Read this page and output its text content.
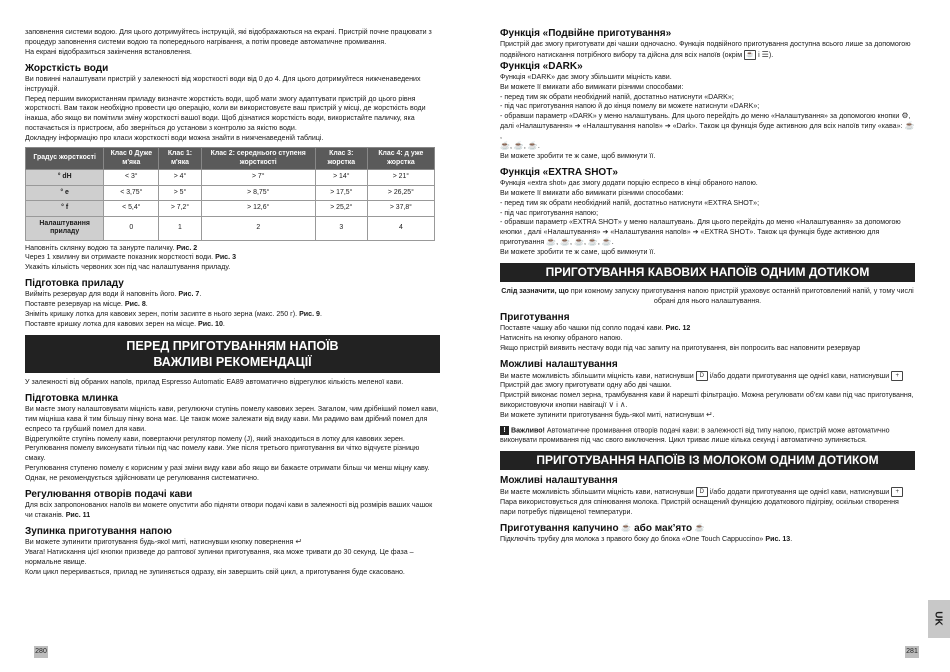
заповнення системи водою. Для цього дотримуйтесь інструкцій, які відображаються на екрані. Пристрій почне працювати з процедур заповнення системи водою та попереднього нагрівання, а потім проведе автоматичне промивання.

На екрані відобразиться закінчення встановлення.

Жорсткість води

Ви повинні налаштувати пристрій у залежності від жорсткості води від 0 до 4. Для цього дотримуйтеся нижченаведених інструкцій.

Перед першим використанням приладу визначте жорсткість води, щоб мати змогу адаптувати пристрій до цього рівня жорсткості. Вам також необхідно провести цю операцію, коли ви використовуєте ваш пристрій у місці, де жорсткість води інакша, або якщо ви помітили зміну жорсткості вашої води. Щоб дізнатися жорсткість води, використайте паличку, яка постачається із пристроєм, або зверніться до установи з контролю за якістю води.

Докладну інформацію про класи жорсткості води можна знайти в нижченаведеній таблиці.

Градус жорсткості	Клас 0 Дуже м'яка	Клас 1: м'яка	Клас 2: середнього ступеня жорсткості	Клас 3: жорстка	Клас 4: д уже жорстка
° dH	< 3°	> 4°	> 7°	> 14°	> 21°
° e	< 3,75°	> 5°	> 8,75°	> 17,5°	> 26,25°
° f	< 5,4°	> 7,2°	> 12,6°	> 25,2°	> 37,8°
Налаштування приладу	0	1	2	3	4

Наповніть склянку водою та занурте паличку. Рис. 2

Через 1 хвилину ви отримаєте показник жорсткості води. Рис. 3

Укажіть кількість червоних зон під час налаштування приладу.

Підготовка приладу

Вийміть резервуар для води й наповніть його. Рис. 7.

Поставте резервуар на місце. Рис. 8.

Зніміть кришку лотка для кавових зерен, потім засипте в нього зерна (макс. 250 г). Рис. 9.

Поставте кришку лотка для кавових зерен на місце. Рис. 10.

ПЕРЕД ПРИГОТУВАННЯМ НАПОЇВ
ВАЖЛИВІ РЕКОМЕНДАЦІЇ

У залежності від обраних напоїв, прилад Espresso Automatic EA89 автоматично відрегулює кількість меленої кави.

Підготовка млинка

Ви маєте змогу налаштовувати міцність кави, регулюючи ступінь помелу кавових зерен. Загалом, чим дрібніший помел кави, тим міцніша кава й тим більшу пінку вона має. Це також може залежати від виду кави. Ми радимо вам дрібний помел для еспресо та грубший помел для кави.

Відрегулюйте ступінь помелу кави, повертаючи регулятор помелу (J), який знаходиться в лотку для кавових зерен. Регулювання помелу виконувати тільки під час помелу кави. Уже після третього приготування ви чітко відчуєте різницю смаку.

Регулювання ступеню помелу є корисним у разі зміни виду кави або якщо ви бажаєте отримати більш чи менш міцну каву. Однак, не рекомендується здійснювати це регулювання систематично.

Регулювання отворів подачі кави

Для всіх запропонованих напоїв ви можете опустити або підняти отвори подачі кави в залежності від розмірів ваших чашок чи стаканів. Рис. 11

Зупинка приготування напою

Ви можете зупинити приготування будь-якої миті, натиснувши кнопку повернення ↵

Увага! Натискання цієї кнопки призведе до раптової зупинки приготування, яка може тривати до 30 секунд. Це фаза – нормальне явище.

Коли цикл переривається, прилад не зупиняється одразу, він завершить свій цикл, а приготування буде скасовано.

280
Функція «Подвійне приготування»

Пристрій дає змогу приготувати дві чашки одночасно. Функція подвійного приготування доступна всього лише за допомогою подвійного натискання потрібного вибору та дійсна для всіх напоїв (окрім ☕ і ☰).

Функція «DARK»

Функція «DARK» дає змогу збільшити міцність кави.

Ви можете її вмикати або вимикати різними способами:

- перед тим як обрати необхідний напій, достатньо натиснути «DARK»;

- під час приготування напою й до кінця помелу ви можете натиснути «DARK»;

- обравши параметр «DARK» у меню налаштувань. Для цього перейдіть до меню «Налаштування» за допомогою кнопки ⚙,

далі «Налаштування» ➔ «Налаштування напоїв» ➔ «Dark». Також ця функція буде активною для всіх напоїв типу «кава»: ☕,

☕, ☕, ☕.

Ви можете зробити те ж саме, щоб вимкнути її.

Функція «EXTRA SHOT»

Функція «extra shot» дає змогу додати порцію еспресо в кінці обраного напою.

Ви можете її вмикати або вимикати різними способами:

- перед тим як обрати необхідний напій, достатньо натиснути «EXTRA SHOT»;

- під час приготування напою;

- обравши параметр «EXTRA SHOT» у меню налаштувань. Для цього перейдіть до меню «Налаштування» за допомогою

кнопки , далі «Налаштування» ➔ «Налаштування напоїв» ➔ «EXTRA SHOT». Також ця функція буде активною для

приготування ☕, ☕, ☕, ☕, ☕.

Ви можете зробити те ж саме, щоб вимкнути її.

ПРИГОТУВАННЯ КАВОВИХ НАПОЇВ ОДНИМ ДОТИКОМ

Слід зазначити, що при кожному запуску приготування напою пристрій ураховує останній приготовлений напій, у тому числі обрані для нього налаштування.

Приготування

Поставте чашку або чашки під сопло подачі кави. Рис. 12

Натисніть на кнопку обраного напою.

Якщо пристрій виявить нестачу води під час запиту на приготування, він попросить вас наповнити резервуар

Можливі налаштування

Ви маєте можливість збільшити міцність кави, натиснувши D і/або додати приготування ще однієї кави, натиснувши +

Пристрій дає змогу приготувати одну або дві чашки.

Пристрій виконає помел зерна, трамбування кави й нарешті фільтрацію. Можна регулювати об’єм кави під час приготування, використовуючи кнопки навігації ∨ і ∧.

Ви можете зупинити приготування будь-якої миті, натиснувши ↵.

! Важливо! Автоматичне промивання отворів подачі кави: в залежності від типу напою, пристрій може автоматично виконувати промивання під час свого виключення. Цикл триває лише кілька секунд і автоматично зупиняється.

ПРИГОТУВАННЯ НАПОЇВ ІЗ МОЛОКОМ ОДНИМ ДОТИКОМ
Можливі налаштування

Ви маєте можливість збільшити міцність кави, натиснувши D і/або додати приготування ще однієї кави, натиснувши +

Пара використовується для спінювання молока. Пристрій оснащений функцією додаткового підігріву, оскільки створення пари потребує підвищеної температури.

Приготування капучино ☕ або мак’ято ☕

Підключіть трубку для молока з правого боку до блока «One Touch Cappuccino» Рис. 13.

281
UK
